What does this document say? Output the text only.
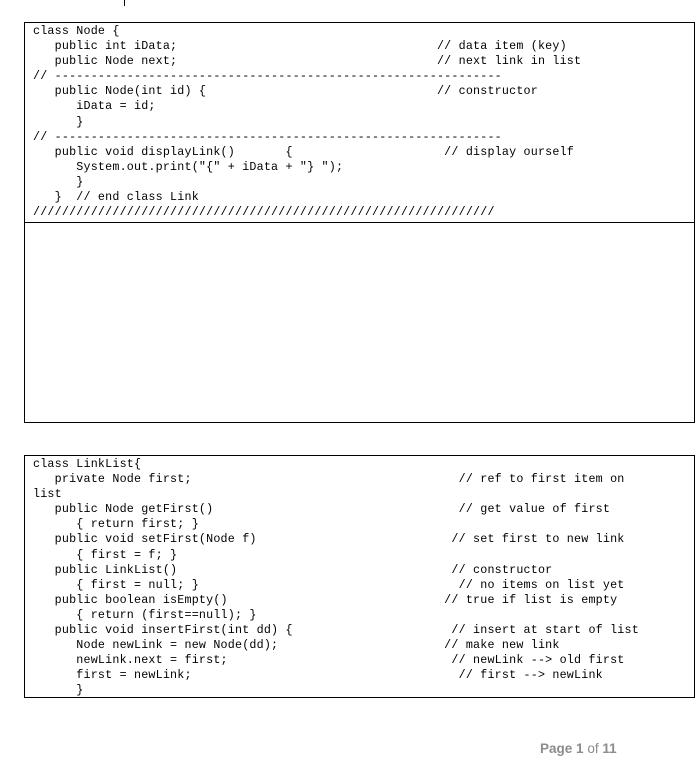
class Node {
public int iData;                                    // data item (key)
public Node next;                                    // next link in list
// --------------------------------------------------------------
public Node(int id) {                                // constructor
iData = id;
}
// --------------------------------------------------------------
public void displayLink()       {                     // display ourself
System.out.print("{" + iData + "} ");
}
}  // end class Link
////////////////////////////////////////////////////////////////
class LinkList{
private Node first;                                     // ref to first item on
list
public Node getFirst()                                  // get value of first
{ return first; }
public void setFirst(Node f)                           // set first to new link
{ first = f; }
public LinkList()                                      // constructor
{ first = null; }                                    // no items on list yet
public boolean isEmpty()                              // true if list is empty
{ return (first==null); }
public void insertFirst(int dd) {                      // insert at start of list
Node newLink = new Node(dd);                       // make new link
newLink.next = first;                               // newLink --> old first
first = newLink;                                     // first --> newLink
}
Page 1 of 11
